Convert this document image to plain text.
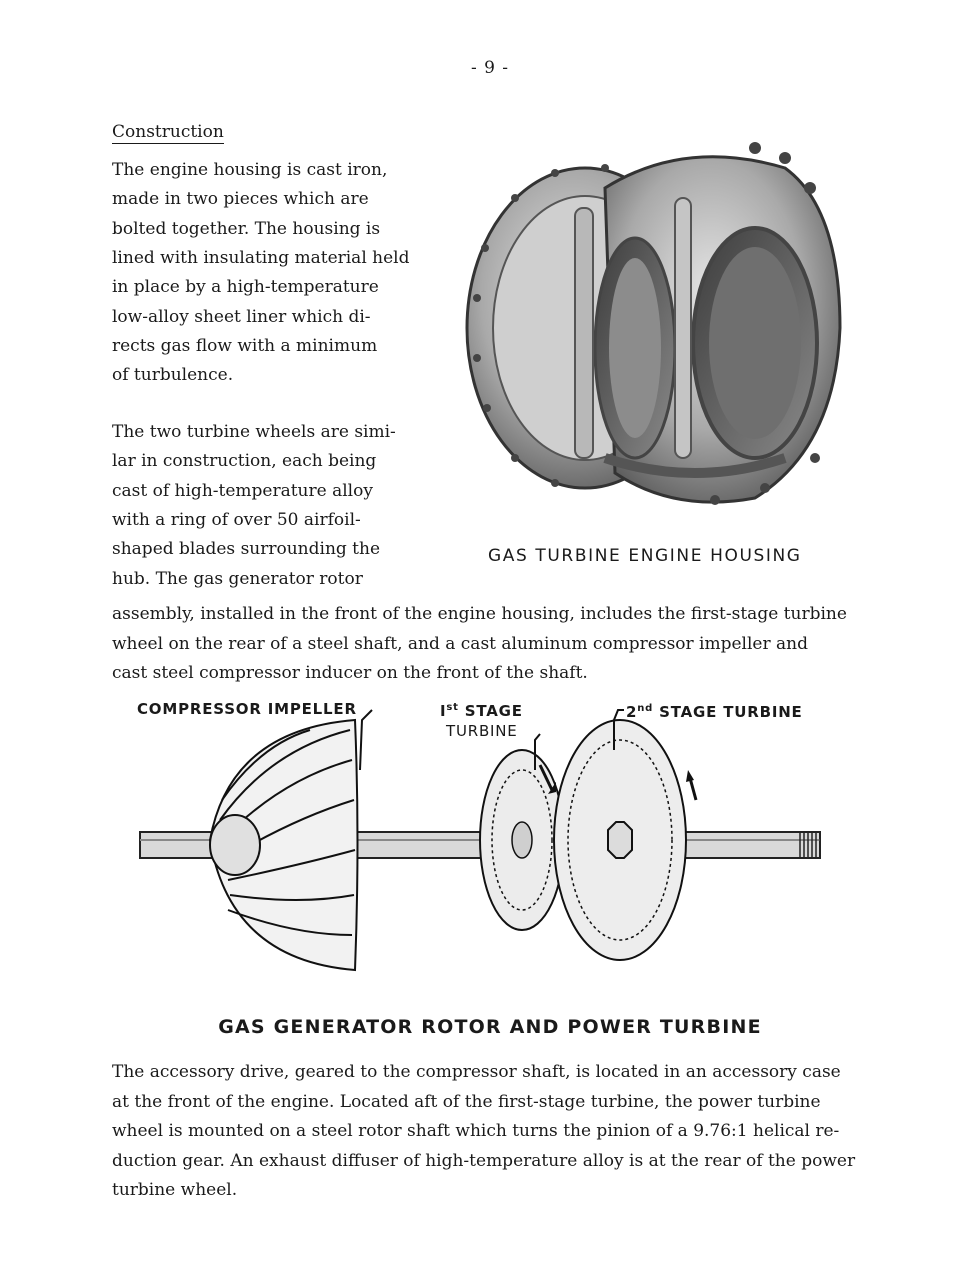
- 9 -
Construction
The engine housing is cast iron,
made in two pieces which are
bolted together. The housing is
lined with insulating material held
in place by a high-temperature
low-alloy sheet liner which di-
rects gas flow with a minimum
of turbulence.
The two turbine wheels are simi-
lar in construction, each being
cast of high-temperature alloy
with a ring of over 50 airfoil-
shaped blades surrounding the
hub. The gas generator rotor
assembly, installed in the front of the engine housing, includes the first-stage turbine
wheel on the rear of a steel shaft, and a cast aluminum compressor impeller and
cast steel compressor inducer on the front of the shaft.
GAS TURBINE ENGINE HOUSING
COMPRESSOR IMPELLER	Ist STAGE
TURBINE
2nd STAGE TURBINE
GAS GENERATOR ROTOR AND POWER TURBINE
The accessory drive, geared to the compressor shaft, is located in an accessory case
at the front of the engine. Located aft of the first-stage turbine, the power turbine
wheel is mounted on a steel rotor shaft which turns the pinion of a 9.76:1 helical re-
duction gear. An exhaust diffuser of high-temperature alloy is at the rear of the power
turbine wheel.
